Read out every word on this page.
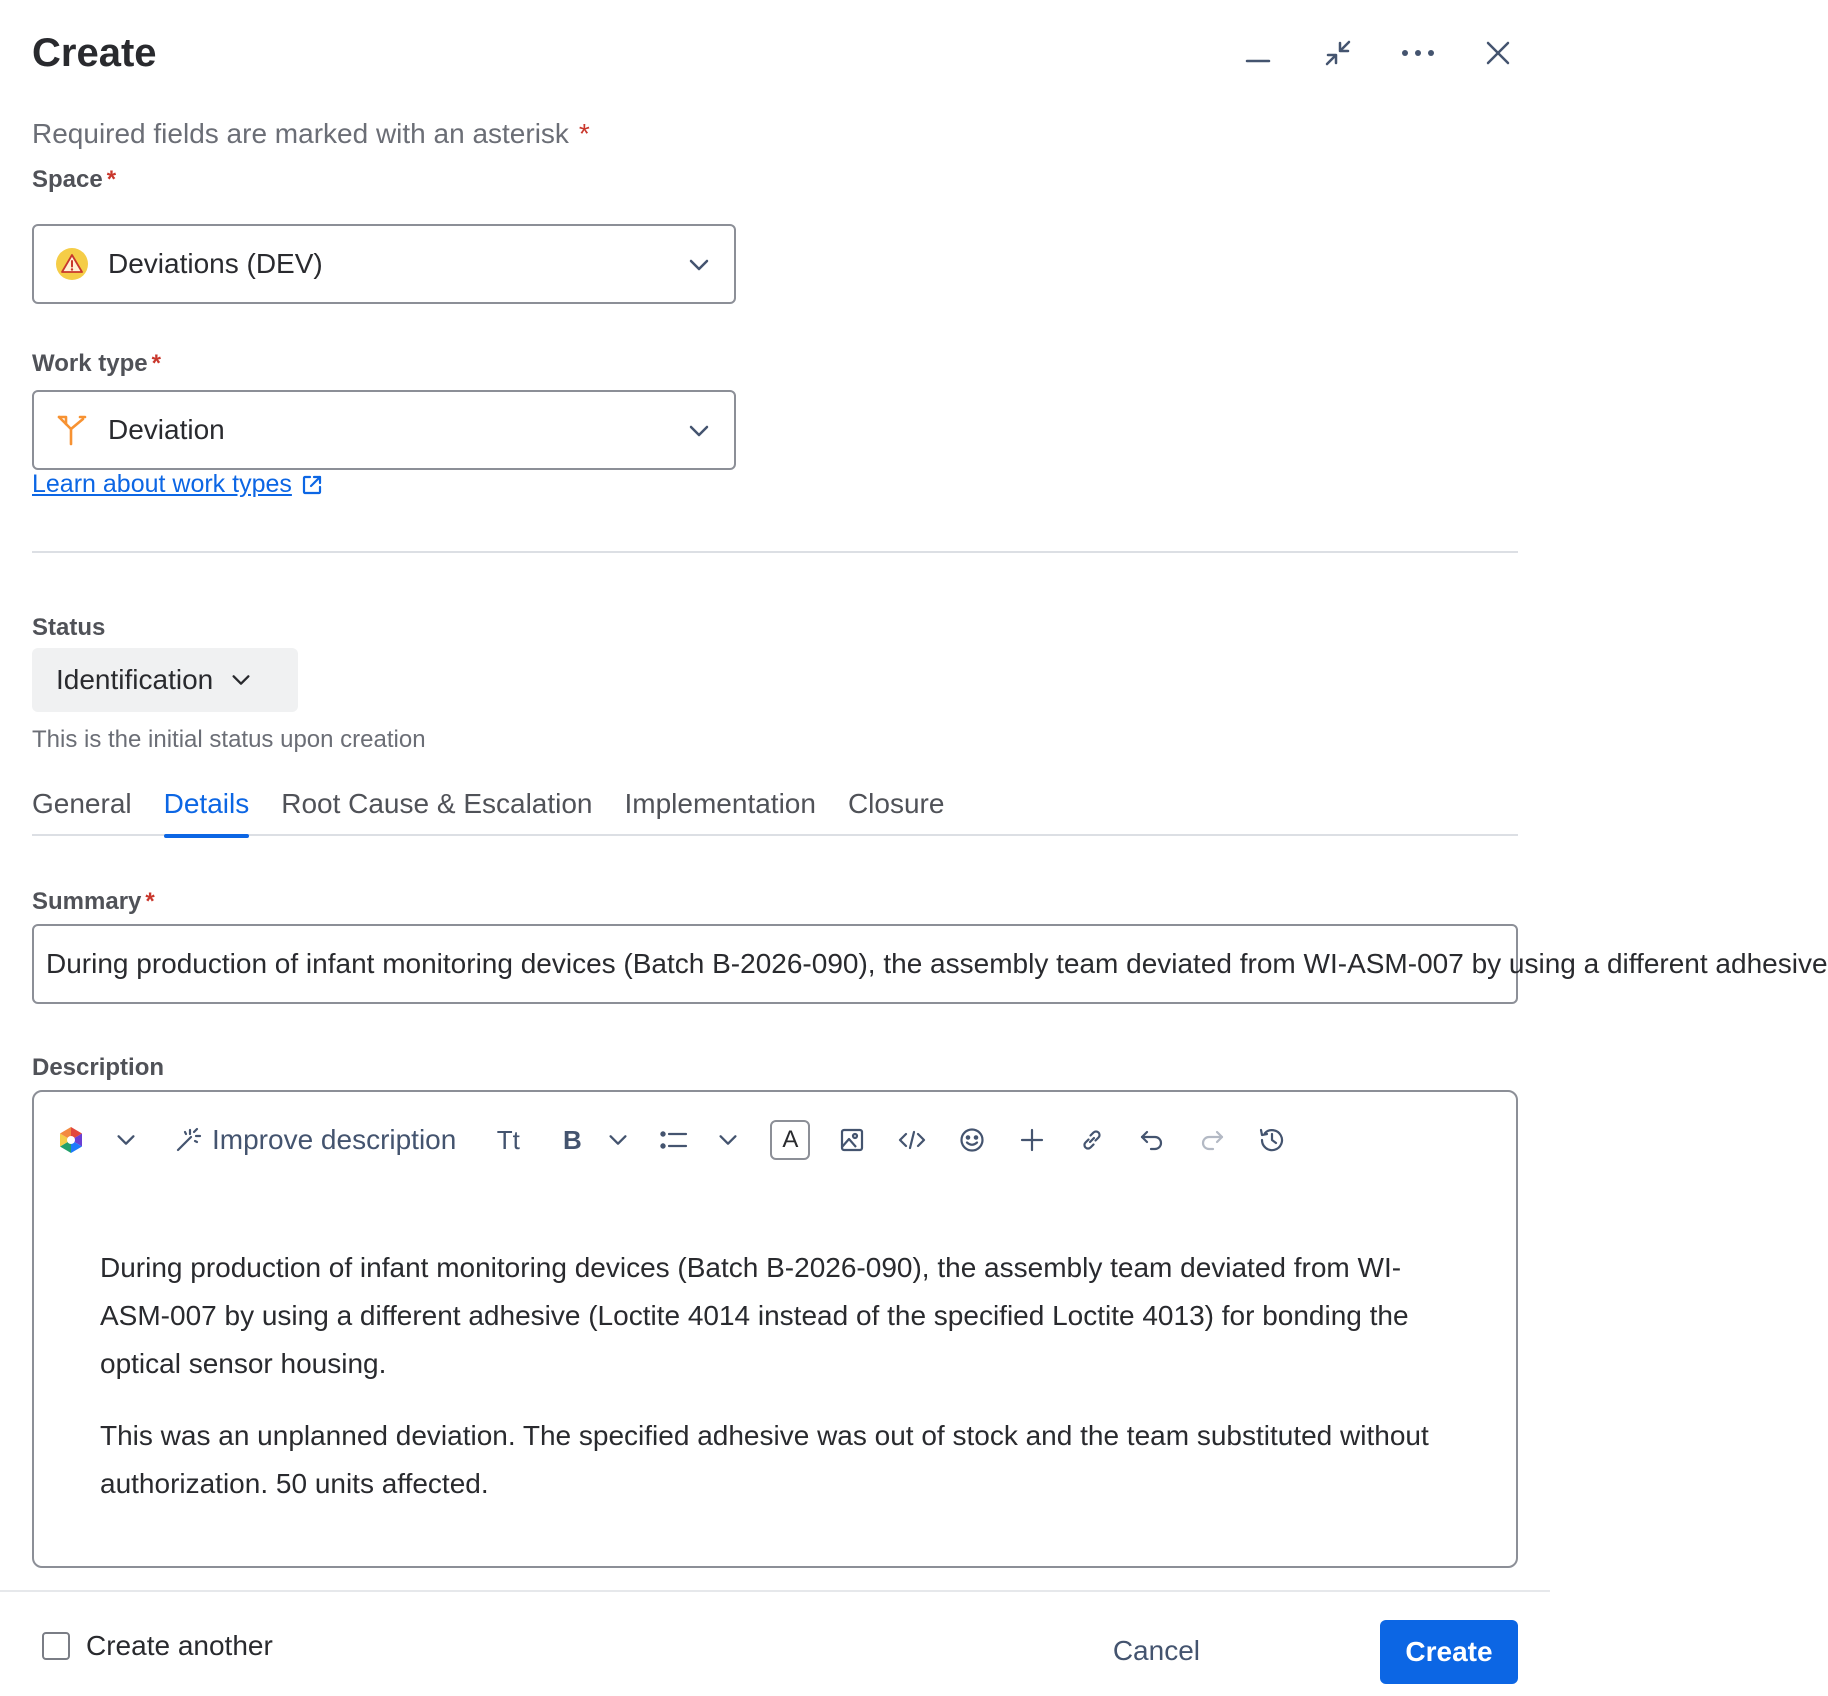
Create
Required fields are marked with an asterisk *
Space *
Deviations (DEV)
Work type *
Deviation
Learn about work types
Status
Identification
This is the initial status upon creation
General Details Root Cause & Escalation Implementation Closure
Summary *
During production of infant monitoring devices (Batch B-2026-090), the assembly team deviated from WI-ASM-007 by using a different adhesive
Description
Improve description	Tt	B	A

During production of infant monitoring devices (Batch B-2026-090), the assembly team deviated from WI-ASM-007 by using a different adhesive (Loctite 4014 instead of the specified Loctite 4013) for bonding the optical sensor housing.

This was an unplanned deviation. The specified adhesive was out of stock and the team substituted without authorization. 50 units affected.

Create another	Cancel	Create
